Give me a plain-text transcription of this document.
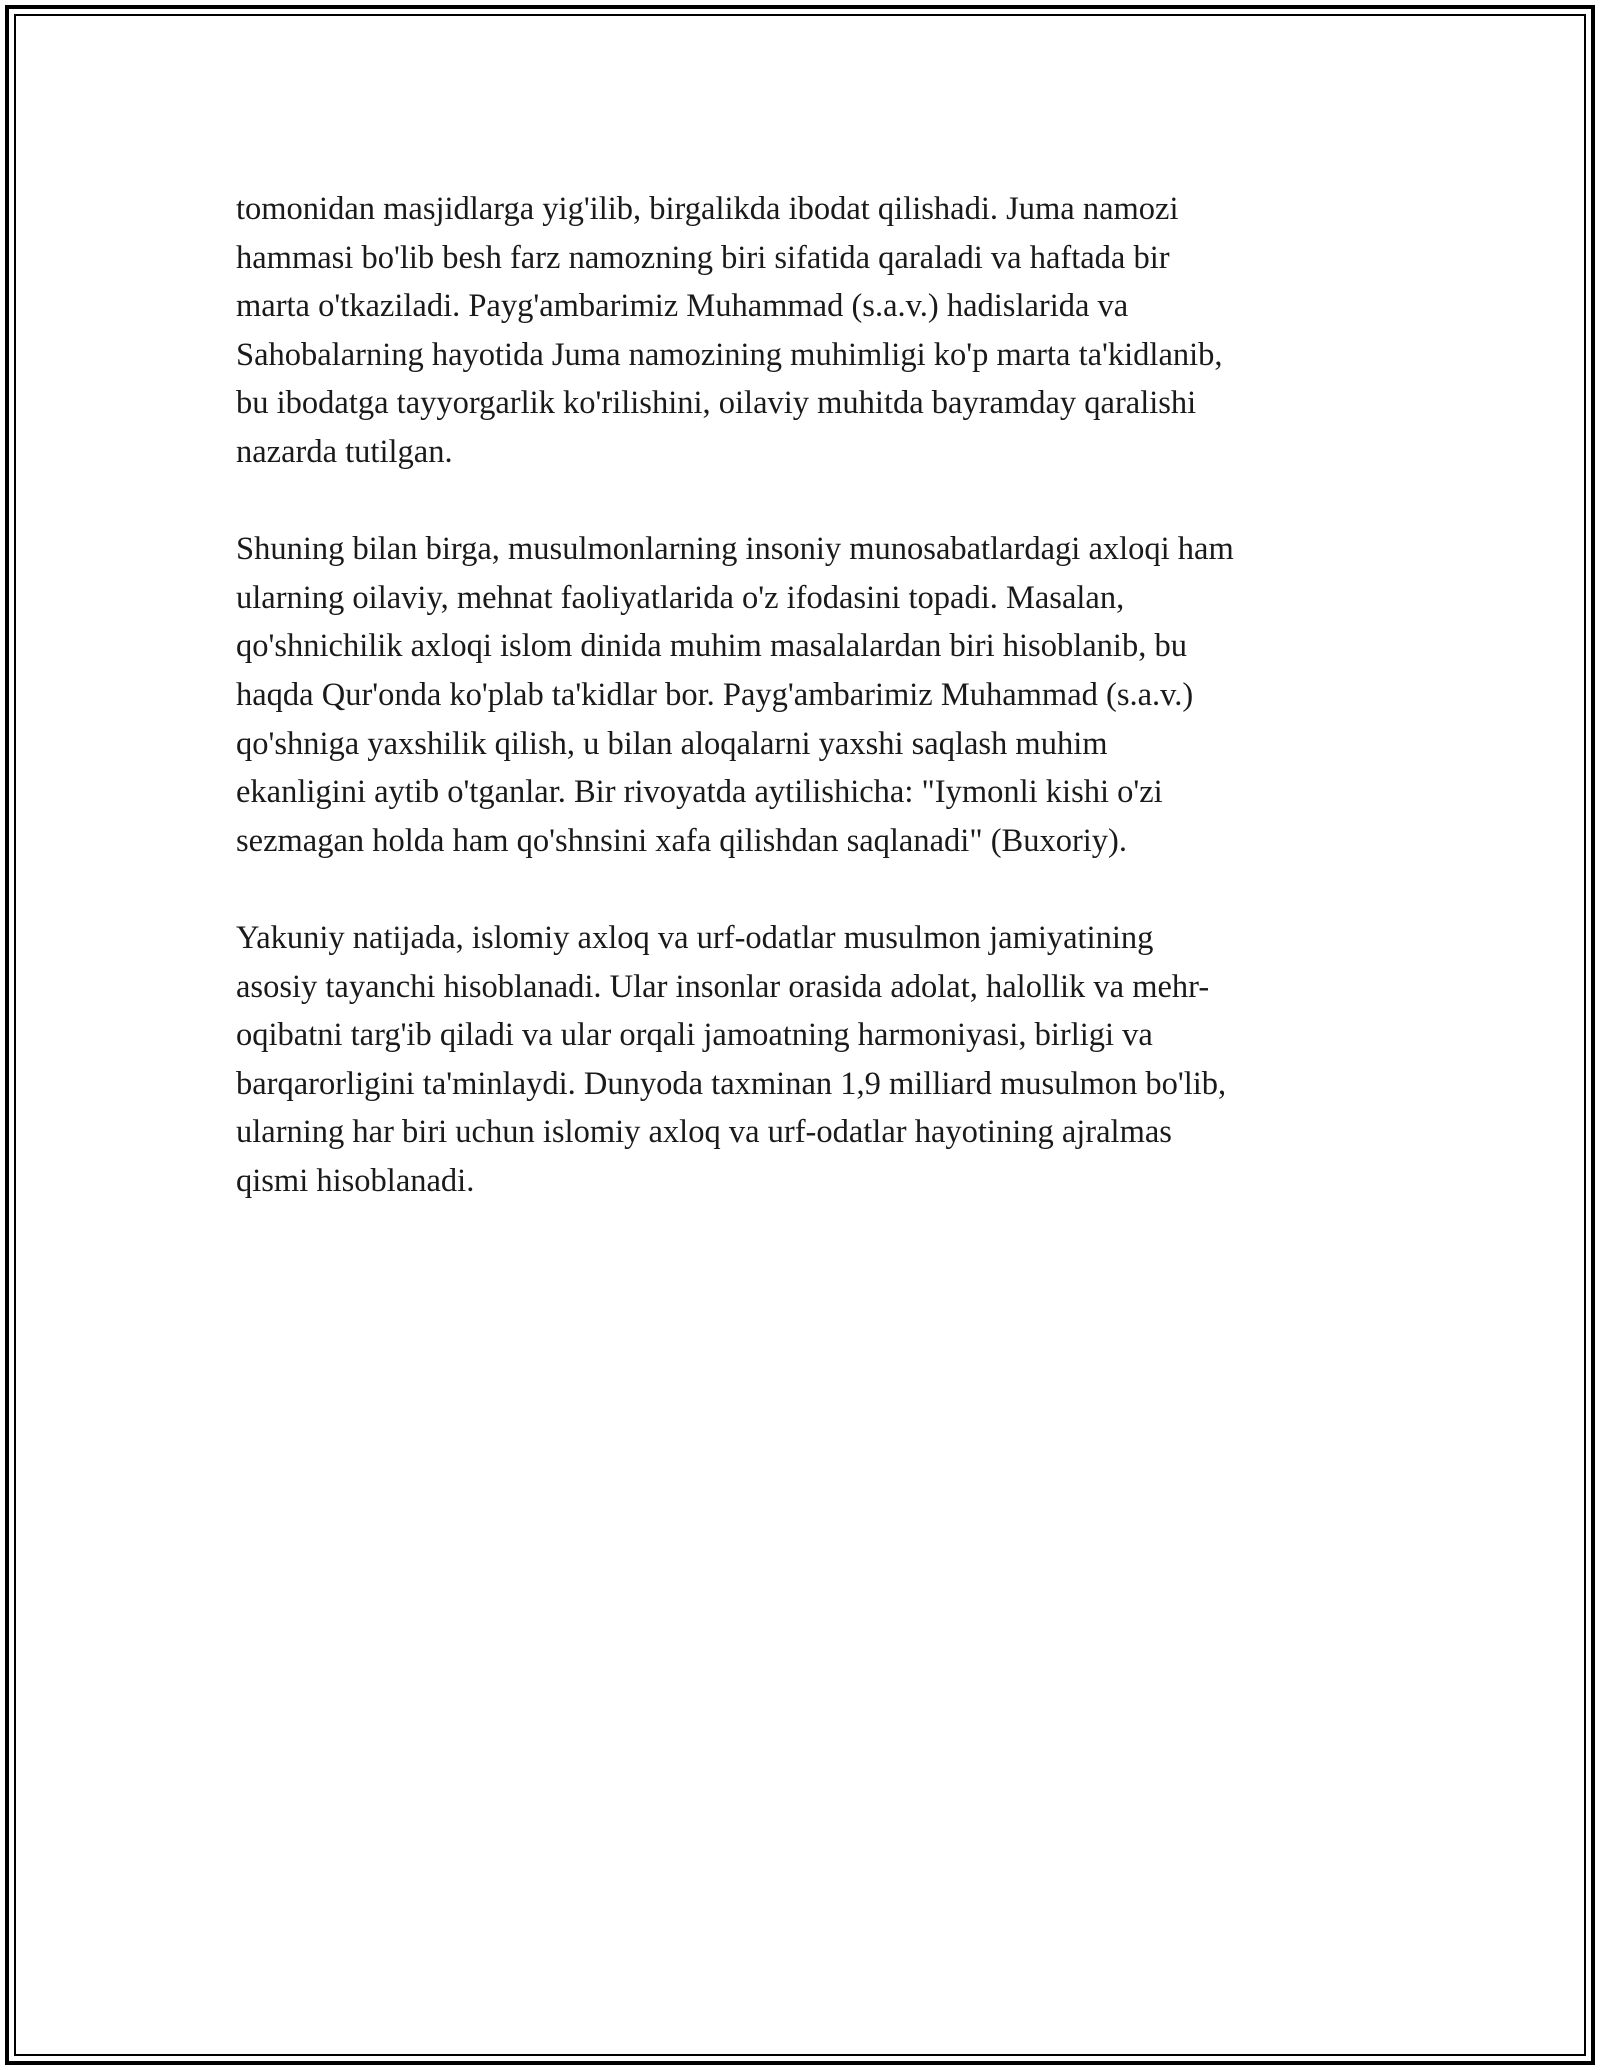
tomonidan masjidlarga yig'ilib, birgalikda ibodat qilishadi. Juma namozi
hammasi bo'lib besh farz namozning biri sifatida qaraladi va haftada bir
marta o'tkaziladi. Payg'ambarimiz Muhammad (s.a.v.) hadislarida va
Sahobalarning hayotida Juma namozining muhimligi ko'p marta ta'kidlanib,
bu ibodatga tayyorgarlik ko'rilishini, oilaviy muhitda bayramday qaralishi
nazarda tutilgan.

Shuning bilan birga, musulmonlarning insoniy munosabatlardagi axloqi ham
ularning oilaviy, mehnat faoliyatlarida o'z ifodasini topadi. Masalan,
qo'shnichilik axloqi islom dinida muhim masalalardan biri hisoblanib, bu
haqda Qur'onda ko'plab ta'kidlar bor. Payg'ambarimiz Muhammad (s.a.v.)
qo'shniga yaxshilik qilish, u bilan aloqalarni yaxshi saqlash muhim
ekanligini aytib o'tganlar. Bir rivoyatda aytilishicha: "Iymonli kishi o'zi
sezmagan holda ham qo'shnsini xafa qilishdan saqlanadi" (Buxoriy).

Yakuniy natijada, islomiy axloq va urf-odatlar musulmon jamiyatining
asosiy tayanchi hisoblanadi. Ular insonlar orasida adolat, halollik va mehr-
oqibatni targ'ib qiladi va ular orqali jamoatning harmoniyasi, birligi va
barqarorligini ta'minlaydi. Dunyoda taxminan 1,9 milliard musulmon bo'lib,
ularning har biri uchun islomiy axloq va urf-odatlar hayotining ajralmas
qismi hisoblanadi.
